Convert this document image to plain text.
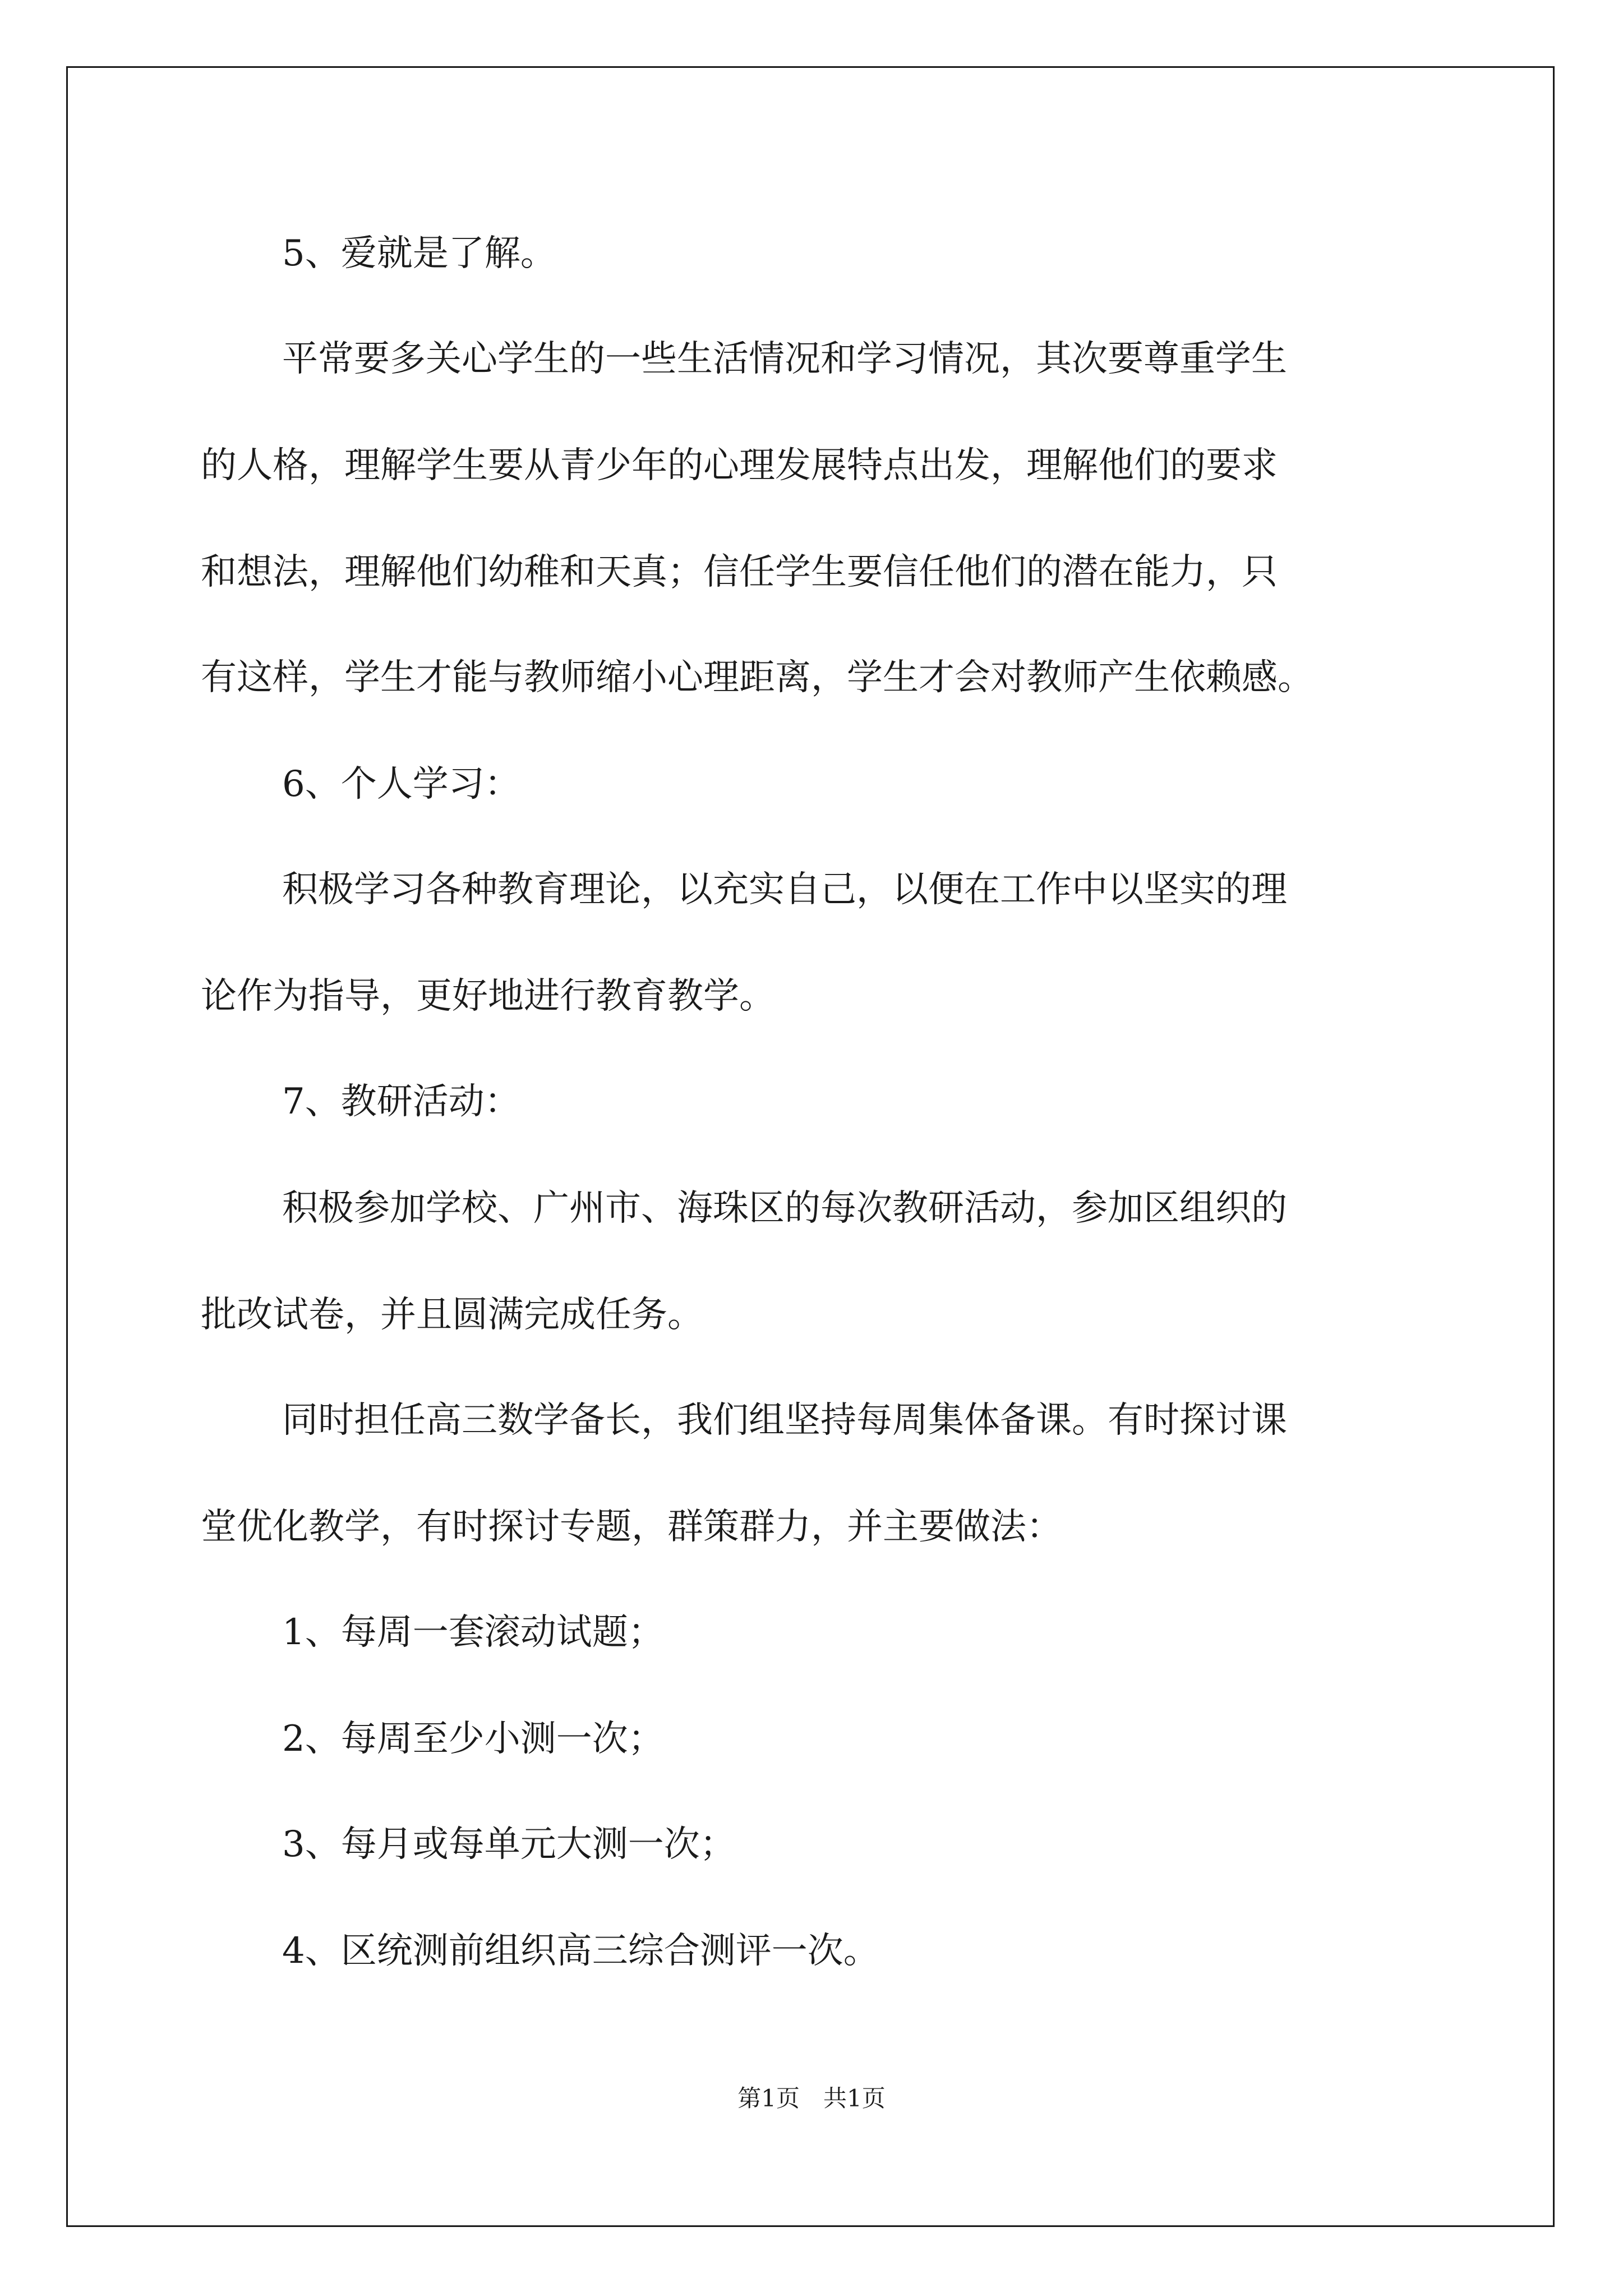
5、爱就是了解。

平常要多关心学生的一些生活情况和学习情况，其次要尊重学生

的人格，理解学生要从青少年的心理发展特点出发，理解他们的要求

和想法，理解他们幼稚和天真；信任学生要信任他们的潜在能力，只

有这样，学生才能与教师缩小心理距离，学生才会对教师产生依赖感。

6、个人学习：

积极学习各种教育理论，以充实自己，以便在工作中以坚实的理

论作为指导，更好地进行教育教学。

7、教研活动：

积极参加学校、广州市、海珠区的每次教研活动，参加区组织的

批改试卷，并且圆满完成任务。

同时担任高三数学备长，我们组坚持每周集体备课。有时探讨课

堂优化教学，有时探讨专题，群策群力，并主要做法：

1、每周一套滚动试题；

2、每周至少小测一次；

3、每月或每单元大测一次；

4、区统测前组织高三综合测评一次。

第1页　共1页
